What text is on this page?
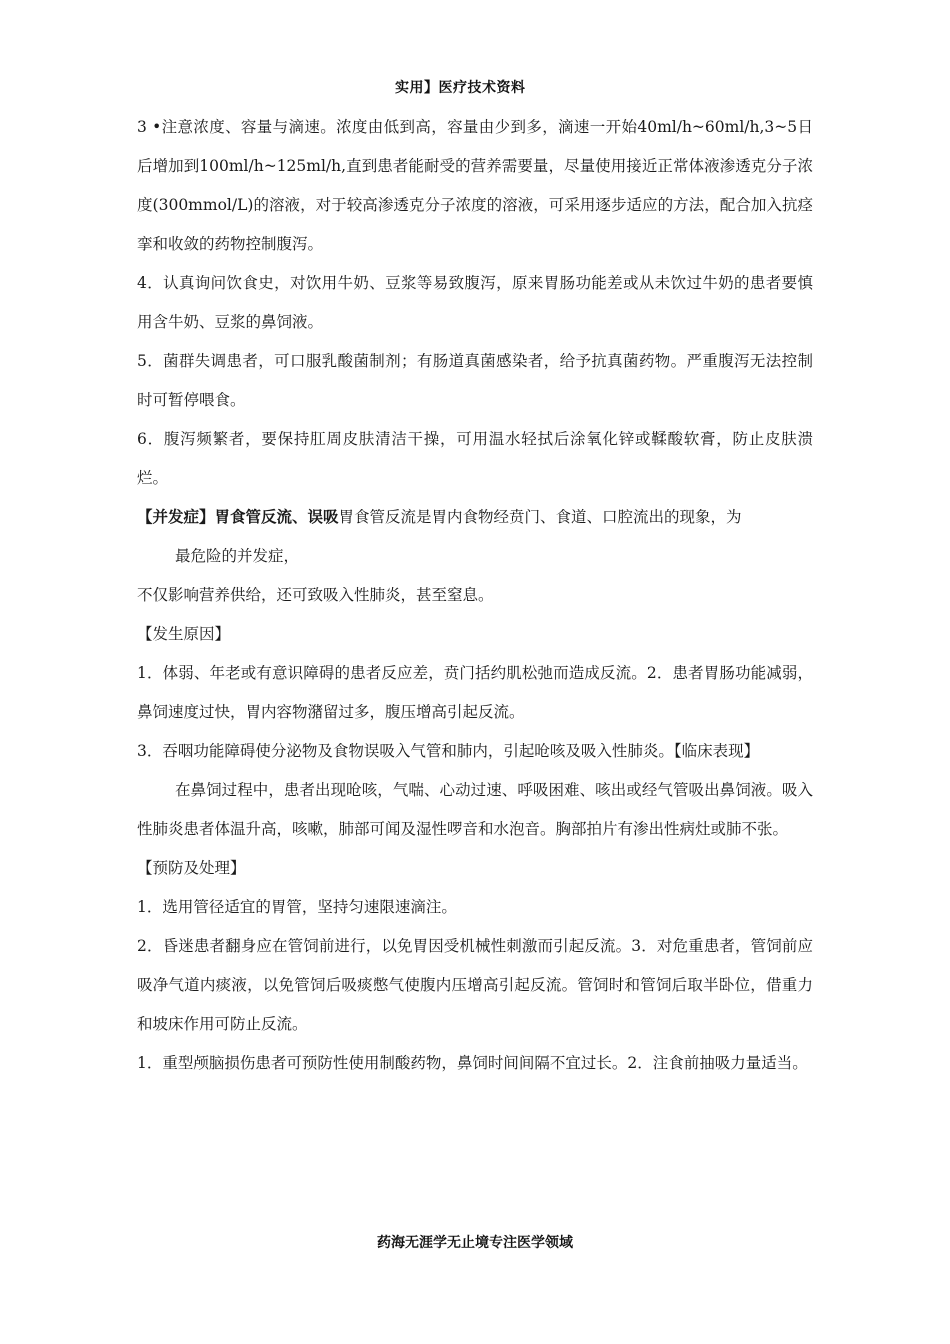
实用】医疗技术资料

3 •注意浓度、容量与滴速。浓度由低到高，容量由少到多，滴速一开始40ml/h~60ml/h,3~5日后增加到100ml/h~125ml/h,直到患者能耐受的营养需要量，尽量使用接近正常体液渗透克分子浓度(300mmol/L)的溶液，对于较高渗透克分子浓度的溶液，可采用逐步适应的方法，配合加入抗痉挛和收敛的药物控制腹泻。

4．认真询问饮食史，对饮用牛奶、豆浆等易致腹泻，原来胃肠功能差或从未饮过牛奶的患者要慎用含牛奶、豆浆的鼻饲液。

5．菌群失调患者，可口服乳酸菌制剂；有肠道真菌感染者，给予抗真菌药物。严重腹泻无法控制时可暂停喂食。

6．腹泻频繁者，要保持肛周皮肤清洁干操，可用温水轻拭后涂氧化锌或鞣酸软膏，防止皮肤溃烂。

【并发症】胃食管反流、误吸胃食管反流是胃内食物经贲门、食道、口腔流出的现象，为

最危险的并发症，

不仅影响营养供给，还可致吸入性肺炎，甚至窒息。

【发生原因】

1．体弱、年老或有意识障碍的患者反应差，贲门括约肌松弛而造成反流。2．患者胃肠功能减弱，鼻饲速度过快，胃内容物潴留过多，腹压增高引起反流。

3．吞咽功能障碍使分泌物及食物误吸入气管和肺内，引起呛咳及吸入性肺炎。【临床表现】

在鼻饲过程中，患者出现呛咳，气喘、心动过速、呼吸困难、咳出或经气管吸出鼻饲液。吸入性肺炎患者体温升高，咳嗽，肺部可闻及湿性啰音和水泡音。胸部拍片有渗出性病灶或肺不张。

【预防及处理】

1．选用管径适宜的胃管，坚持匀速限速滴注。

2．昏迷患者翻身应在管饲前进行，以免胃因受机械性刺激而引起反流。3．对危重患者，管饲前应吸净气道内痰液，以免管饲后吸痰憋气使腹内压增高引起反流。管饲时和管饲后取半卧位，借重力和坡床作用可防止反流。

1．重型颅脑损伤患者可预防性使用制酸药物，鼻饲时间间隔不宜过长。2．注食前抽吸力量适当。

药海无涯学无止境专注医学领域
